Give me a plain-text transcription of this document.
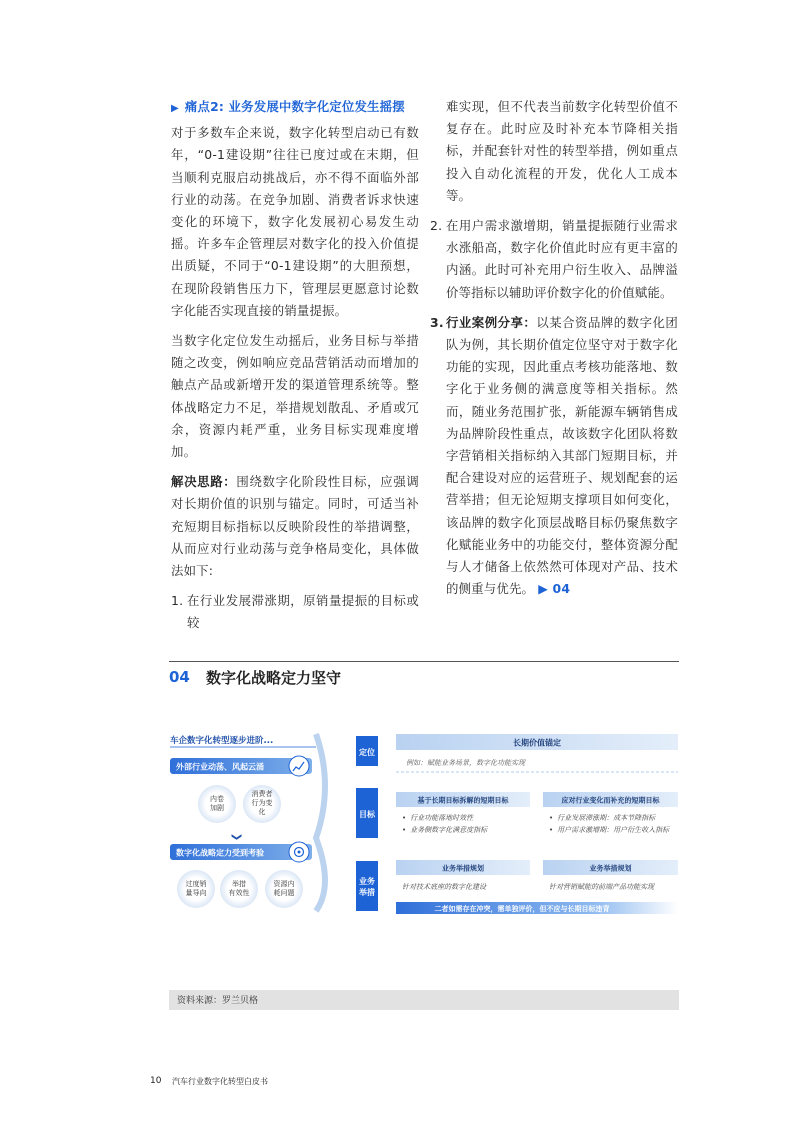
▶ 痛点2: 业务发展中数字化定位发生摇摆

对于多数车企来说，数字化转型启动已有数年，“0-1建设期”往往已度过或在末期，但当顺利克服启动挑战后，亦不得不面临外部行业的动荡。在竞争加剧、消费者诉求快速变化的环境下，数字化发展初心易发生动摇。许多车企管理层对数字化的投入价值提出质疑，不同于“0-1建设期”的大胆预想，在现阶段销售压力下，管理层更愿意讨论数字化能否实现直接的销量提振。

当数字化定位发生动摇后，业务目标与举措随之改变，例如响应竞品营销活动而增加的触点产品或新增开发的渠道管理系统等。整体战略定力不足，举措规划散乱、矛盾或冗余，资源内耗严重，业务目标实现难度增加。

解决思路：围绕数字化阶段性目标，应强调对长期价值的识别与锚定。同时，可适当补充短期目标指标以反映阶段性的举措调整，从而应对行业动荡与竞争格局变化，具体做法如下:

1. 在行业发展滞涨期，原销量提振的目标或较
难实现，但不代表当前数字化转型价值不复存在。此时应及时补充本节降相关指标，并配套针对性的转型举措，例如重点投入自动化流程的开发，优化人工成本等。
2. 在用户需求激增期，销量提振随行业需求水涨船高，数字化价值此时应有更丰富的内涵。此时可补充用户衍生收入、品牌溢价等指标以辅助评价数字化的价值赋能。
3. 行业案例分享：以某合资品牌的数字化团队为例，其长期价值定位坚守对于数字化功能的实现，因此重点考核功能落地、数字化于业务侧的满意度等相关指标。然而，随业务范围扩张，新能源车辆销售成为品牌阶段性重点，故该数字化团队将数字营销相关指标纳入其部门短期目标，并配合建设对应的运营班子、规划配套的运营举措；但无论短期支撑项目如何变化，该品牌的数字化顶层战略目标仍聚焦数字化赋能业务中的功能交付，整体资源分配与人才储备上依然然可体现对产品、技术的侧重与优先。 ▶ 04
04 数字化战略定力坚守
车企数字化转型逐步进阶...
外部行业动荡、风起云涌
内卷
加剧
消费者
行为变
化
❯
数字化战略定力受到考验
过度销
量导向
举措
有效性
资源内
耗问题
定位
目标
业务
举措
长期价值锚定
例如：赋能业务场景，数字化功能实现
基于长期目标拆解的短期目标
• 行业功能落地时效性
• 业务侧数字化满意度指标
应对行业变化而补充的短期目标
• 行业发展滞涨期：成本节降指标
• 用户需求激增期：用户衍生收入指标
业务举措规划
针对技术底座的数字化建设
业务举措规划
针对营销赋能的前端产品功能实现
二者如需存在冲突，需单独评价，但不应与长期目标违背
资料来源：罗兰贝格
10 汽车行业数字化转型白皮书
